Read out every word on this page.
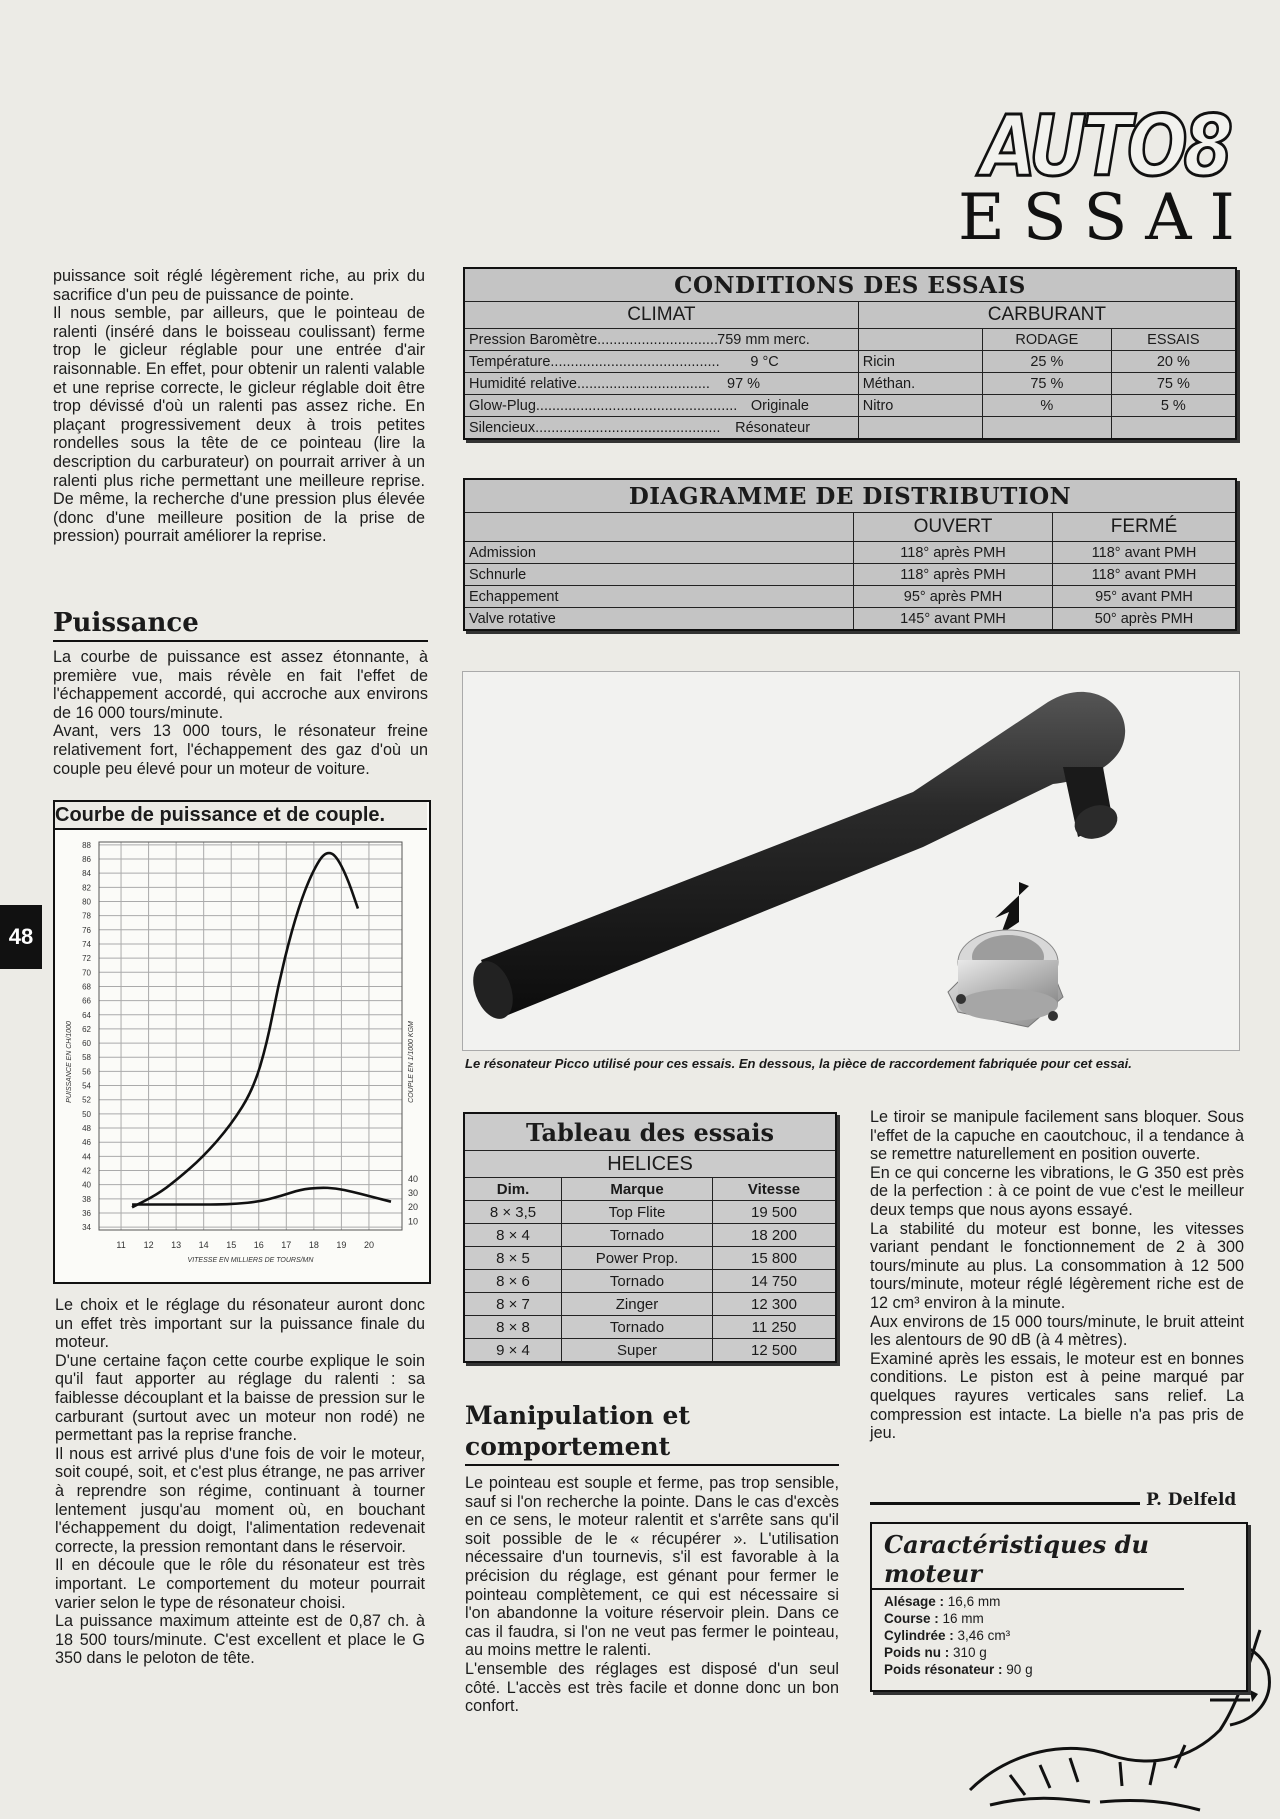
AUTO8
ESSAI
48

puissance soit réglé légèrement riche, au prix du sacrifice d'un peu de puissance de pointe.

Il nous semble, par ailleurs, que le pointeau de ralenti (inséré dans le boisseau coulissant) ferme trop le gicleur réglable pour une entrée d'air raisonnable. En effet, pour obtenir un ralenti valable et une reprise correcte, le gicleur réglable doit être trop dévissé d'où un ralenti pas assez riche. En plaçant progressivement deux à trois petites rondelles sous la tête de ce pointeau (lire la description du carburateur) on pourrait arriver à un ralenti plus riche permettant une meilleure reprise. De même, la recherche d'une pression plus élevée (donc d'une meilleure position de la prise de pression) pourrait améliorer la reprise.

Puissance

La courbe de puissance est assez étonnante, à première vue, mais révèle en fait l'effet de l'échappement accordé, qui accroche aux environs de 16 000 tours/minute.

Avant, vers 13 000 tours, le résonateur freine relativement fort, l'échappement des gaz d'où un couple peu élevé pour un moteur de voiture.

Courbe de puissance et de couple.
88
86
84
82
80
78
76
74
72
70
68
66
64
62
60
58
56
54
52
50
48
46
44
42
40
38
36
34
11 12 13 14 15 16 17 18 19 20
40
30
20
10
VITESSE EN MILLIERS DE TOURS/MN
PUISSANCE EN CH/1000	COUPLE EN 1/1000 KGM

Le choix et le réglage du résonateur auront donc un effet très important sur la puissance finale du moteur.

D'une certaine façon cette courbe explique le soin qu'il faut apporter au réglage du ralenti : sa faiblesse découplant et la baisse de pression sur le carburant (surtout avec un moteur non rodé) ne permettant pas la reprise franche.

Il nous est arrivé plus d'une fois de voir le moteur, soit coupé, soit, et c'est plus étrange, ne pas arriver à reprendre son régime, continuant à tourner lentement jusqu'au moment où, en bouchant l'échappement du doigt, l'alimentation redevenait correcte, la pression remontant dans le réservoir.

Il en découle que le rôle du résonateur est très important. Le comportement du moteur pourrait varier selon le type de résonateur choisi.

La puissance maximum atteinte est de 0,87 ch. à 18 500 tours/minute. C'est excellent et place le G 350 dans le peloton de tête.

CONDITIONS DES ESSAIS			
CLIMAT	CARBURANT		
Pression Baromètre..............................759 mm merc.		RODAGE	ESSAIS
Température.......................................... 9 °C	Ricin	25 %	20 %
Humidité relative................................. 97 %	Méthan.	75 %	75 %
Glow-Plug.................................................. Originale	Nitro	%	5 %
Silencieux.............................................. Résonateur			
DIAGRAMME DE DISTRIBUTION		
	OUVERT	FERMÉ
Admission	118° après PMH	118° avant PMH
Schnurle	118° après PMH	118° avant PMH
Echappement	95° après PMH	95° avant PMH
Valve rotative	145° avant PMH	50° après PMH
Le résonateur Picco utilisé pour ces essais. En dessous, la pièce de raccordement fabriquée pour cet essai.
Tableau des essais		
HELICES		
Dim.	Marque	Vitesse
8 × 3,5	Top Flite	19 500
8 × 4	Tornado	18 200
8 × 5	Power Prop.	15 800
8 × 6	Tornado	14 750
8 × 7	Zinger	12 300
8 × 8	Tornado	11 250
9 × 4	Super	12 500
Manipulation et comportement

Le pointeau est souple et ferme, pas trop sensible, sauf si l'on recherche la pointe. Dans le cas d'excès en ce sens, le moteur ralentit et s'arrête sans qu'il soit possible de le « récupérer ». L'utilisation nécessaire d'un tournevis, s'il est favorable à la précision du réglage, est génant pour fermer le pointeau complètement, ce qui est nécessaire si l'on abandonne la voiture réservoir plein. Dans ce cas il faudra, si l'on ne veut pas fermer le pointeau, au moins mettre le ralenti.

L'ensemble des réglages est disposé d'un seul côté. L'accès est très facile et donne donc un bon confort.

Le tiroir se manipule facilement sans bloquer. Sous l'effet de la capuche en caoutchouc, il a tendance à se remettre naturellement en position ouverte.

En ce qui concerne les vibrations, le G 350 est près de la perfection : à ce point de vue c'est le meilleur deux temps que nous ayons essayé.

La stabilité du moteur est bonne, les vitesses variant pendant le fonctionnement de 2 à 300 tours/minute au plus. La consommation à 12 500 tours/minute, moteur réglé légèrement riche est de 12 cm³ environ à la minute.

Aux environs de 15 000 tours/minute, le bruit atteint les alentours de 90 dB (à 4 mètres).

Examiné après les essais, le moteur est en bonnes conditions. Le piston est à peine marqué par quelques rayures verticales sans relief. La compression est intacte. La bielle n'a pas pris de jeu.

P. Delfeld
Caractéristiques du moteur
Alésage : 16,6 mm
Course : 16 mm
Cylindrée : 3,46 cm³
Poids nu : 310 g
Poids résonateur : 90 g
